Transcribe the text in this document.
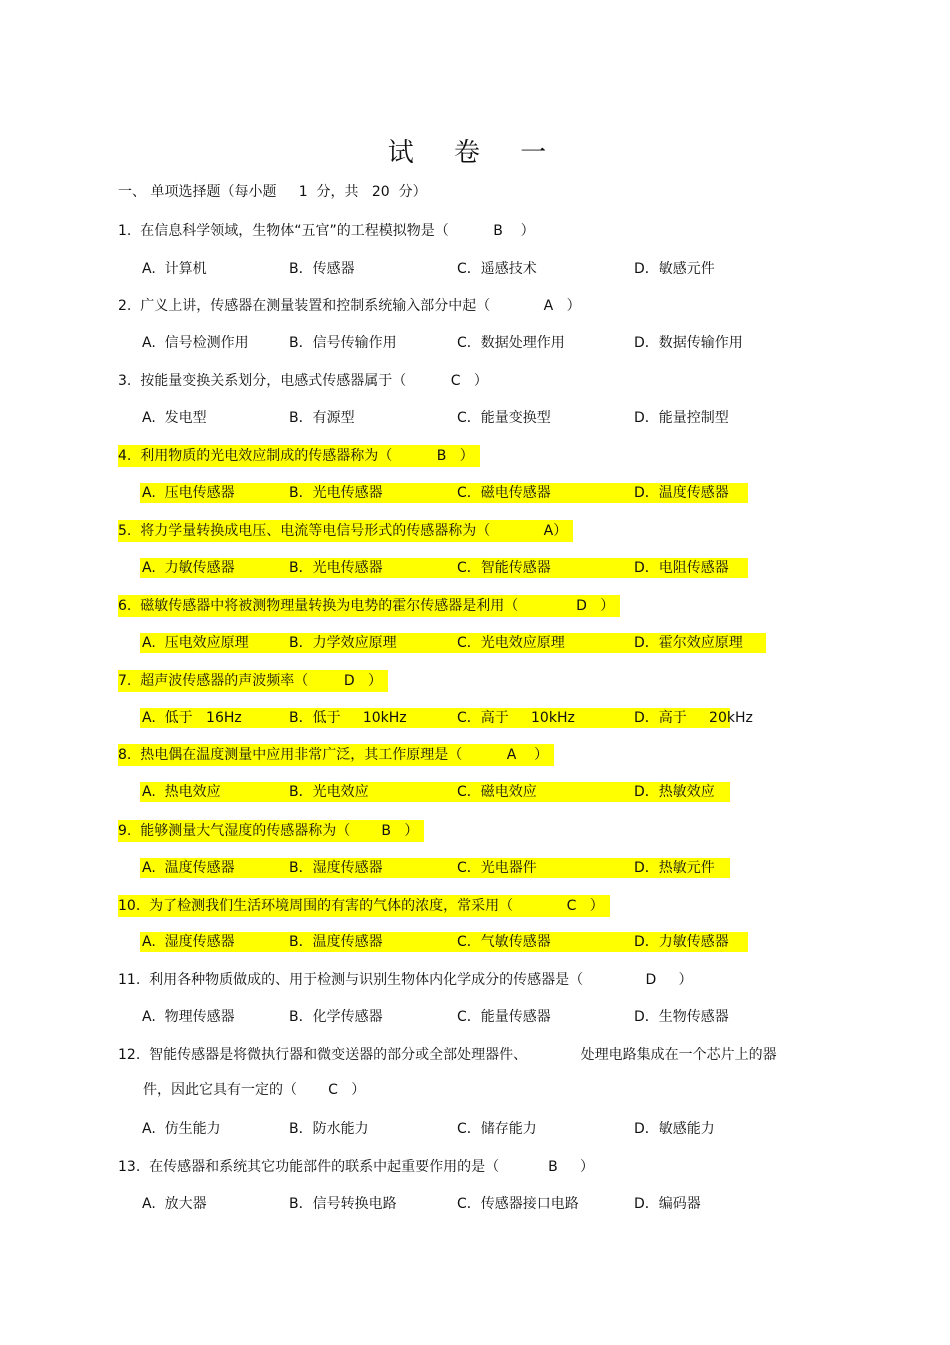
试 卷 一
一、 单项选择题（每小题     1  分，共   20  分）
1.  在信息科学领域，生物体“五官”的工程模拟物是（          B    ）
A.  计算机	B．传感器	C．遥感技术	D．敏感元件
2.  广义上讲，传感器在测量装置和控制系统输入部分中起（            A   ）
A.  信号检测作用	B．信号传输作用	C．数据处理作用	D．数据传输作用
3.  按能量变换关系划分，电感式传感器属于（          C   ）
A.  发电型	B．有源型	C．能量变换型	D．能量控制型
4.  利用物质的光电效应制成的传感器称为（          B   ）
A.  压电传感器	B．光电传感器	C．磁电传感器	D．温度传感器
5.  将力学量转换成电压、电流等电信号形式的传感器称为（            A）
A.  力敏传感器	B．光电传感器	C．智能传感器	D．电阻传感器
6.  磁敏传感器中将被测物理量转换为电势的霍尔传感器是利用（             D   ）
A.  压电效应原理	B．力学效应原理	C．光电效应原理	D．霍尔效应原理
7.  超声波传感器的声波频率（        D   ）
A.  低于   16Hz	B．低于     10kHz	C．高于     10kHz	D．高于     20kHz
8.  热电偶在温度测量中应用非常广泛，其工作原理是（          A    ）
A.  热电效应	B．光电效应	C．磁电效应	D．热敏效应
9.  能够测量大气湿度的传感器称为（       B   ）
A.  温度传感器	B．湿度传感器	C．光电器件	D．热敏元件
10.  为了检测我们生活环境周围的有害的气体的浓度，常采用（            C   ）
A.  湿度传感器	B．温度传感器	C．气敏传感器	D．力敏传感器
11.  利用各种物质做成的、用于检测与识别生物体内化学成分的传感器是（              D     ）
A.  物理传感器	B．化学传感器	C．能量传感器	D．生物传感器
12.  智能传感器是将微执行器和微变送器的部分或全部处理器件、            处理电路集成在一个芯片上的器
件，因此它具有一定的（       C   ）
A.  仿生能力	B．防水能力	C．储存能力	D．敏感能力
13.  在传感器和系统其它功能部件的联系中起重要作用的是（           B     ）
A.  放大器	B．信号转换电路	C．传感器接口电路	D．编码器
